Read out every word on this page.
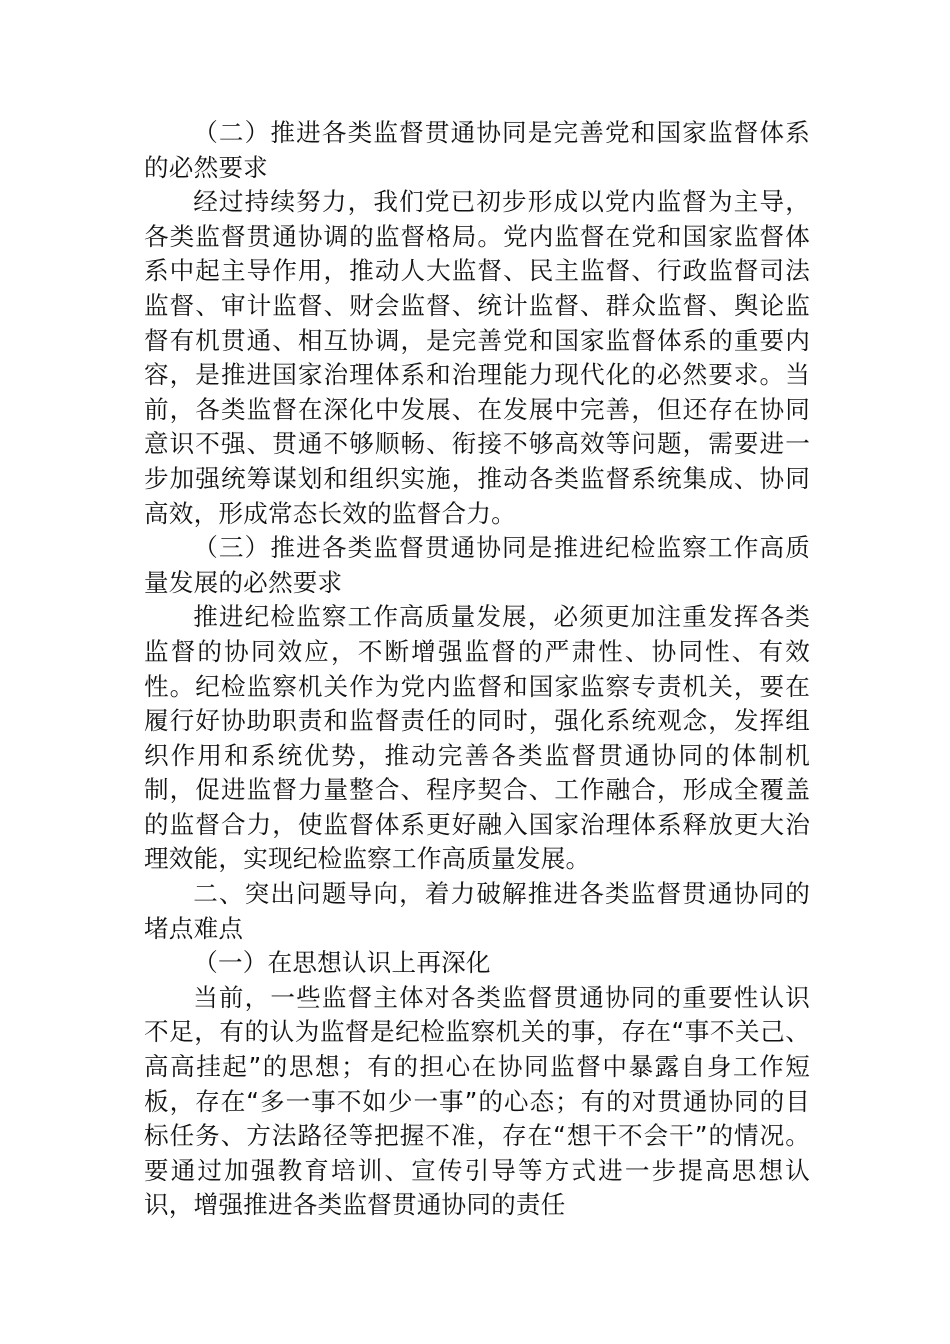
（二）推进各类监督贯通协同是完善党和国家监督体系的必然要求

经过持续努力，我们党已初步形成以党内监督为主导，各类监督贯通协调的监督格局。党内监督在党和国家监督体系中起主导作用，推动人大监督、民主监督、行政监督司法监督、审计监督、财会监督、统计监督、群众监督、舆论监督有机贯通、相互协调，是完善党和国家监督体系的重要内容，是推进国家治理体系和治理能力现代化的必然要求。当前，各类监督在深化中发展、在发展中完善，但还存在协同意识不强、贯通不够顺畅、衔接不够高效等问题，需要进一步加强统筹谋划和组织实施，推动各类监督系统集成、协同高效，形成常态长效的监督合力。

（三）推进各类监督贯通协同是推进纪检监察工作高质量发展的必然要求

推进纪检监察工作高质量发展，必须更加注重发挥各类监督的协同效应，不断增强监督的严肃性、协同性、有效性。纪检监察机关作为党内监督和国家监察专责机关，要在履行好协助职责和监督责任的同时，强化系统观念，发挥组织作用和系统优势，推动完善各类监督贯通协同的体制机制，促进监督力量整合、程序契合、工作融合，形成全覆盖的监督合力，使监督体系更好融入国家治理体系释放更大治理效能，实现纪检监察工作高质量发展。

二、突出问题导向，着力破解推进各类监督贯通协同的堵点难点

（一）在思想认识上再深化

当前，一些监督主体对各类监督贯通协同的重要性认识不足，有的认为监督是纪检监察机关的事，存在“事不关己、高高挂起”的思想；有的担心在协同监督中暴露自身工作短板，存在“多一事不如少一事”的心态；有的对贯通协同的目标任务、方法路径等把握不准，存在“想干不会干”的情况。要通过加强教育培训、宣传引导等方式进一步提高思想认识，增强推进各类监督贯通协同的责任
